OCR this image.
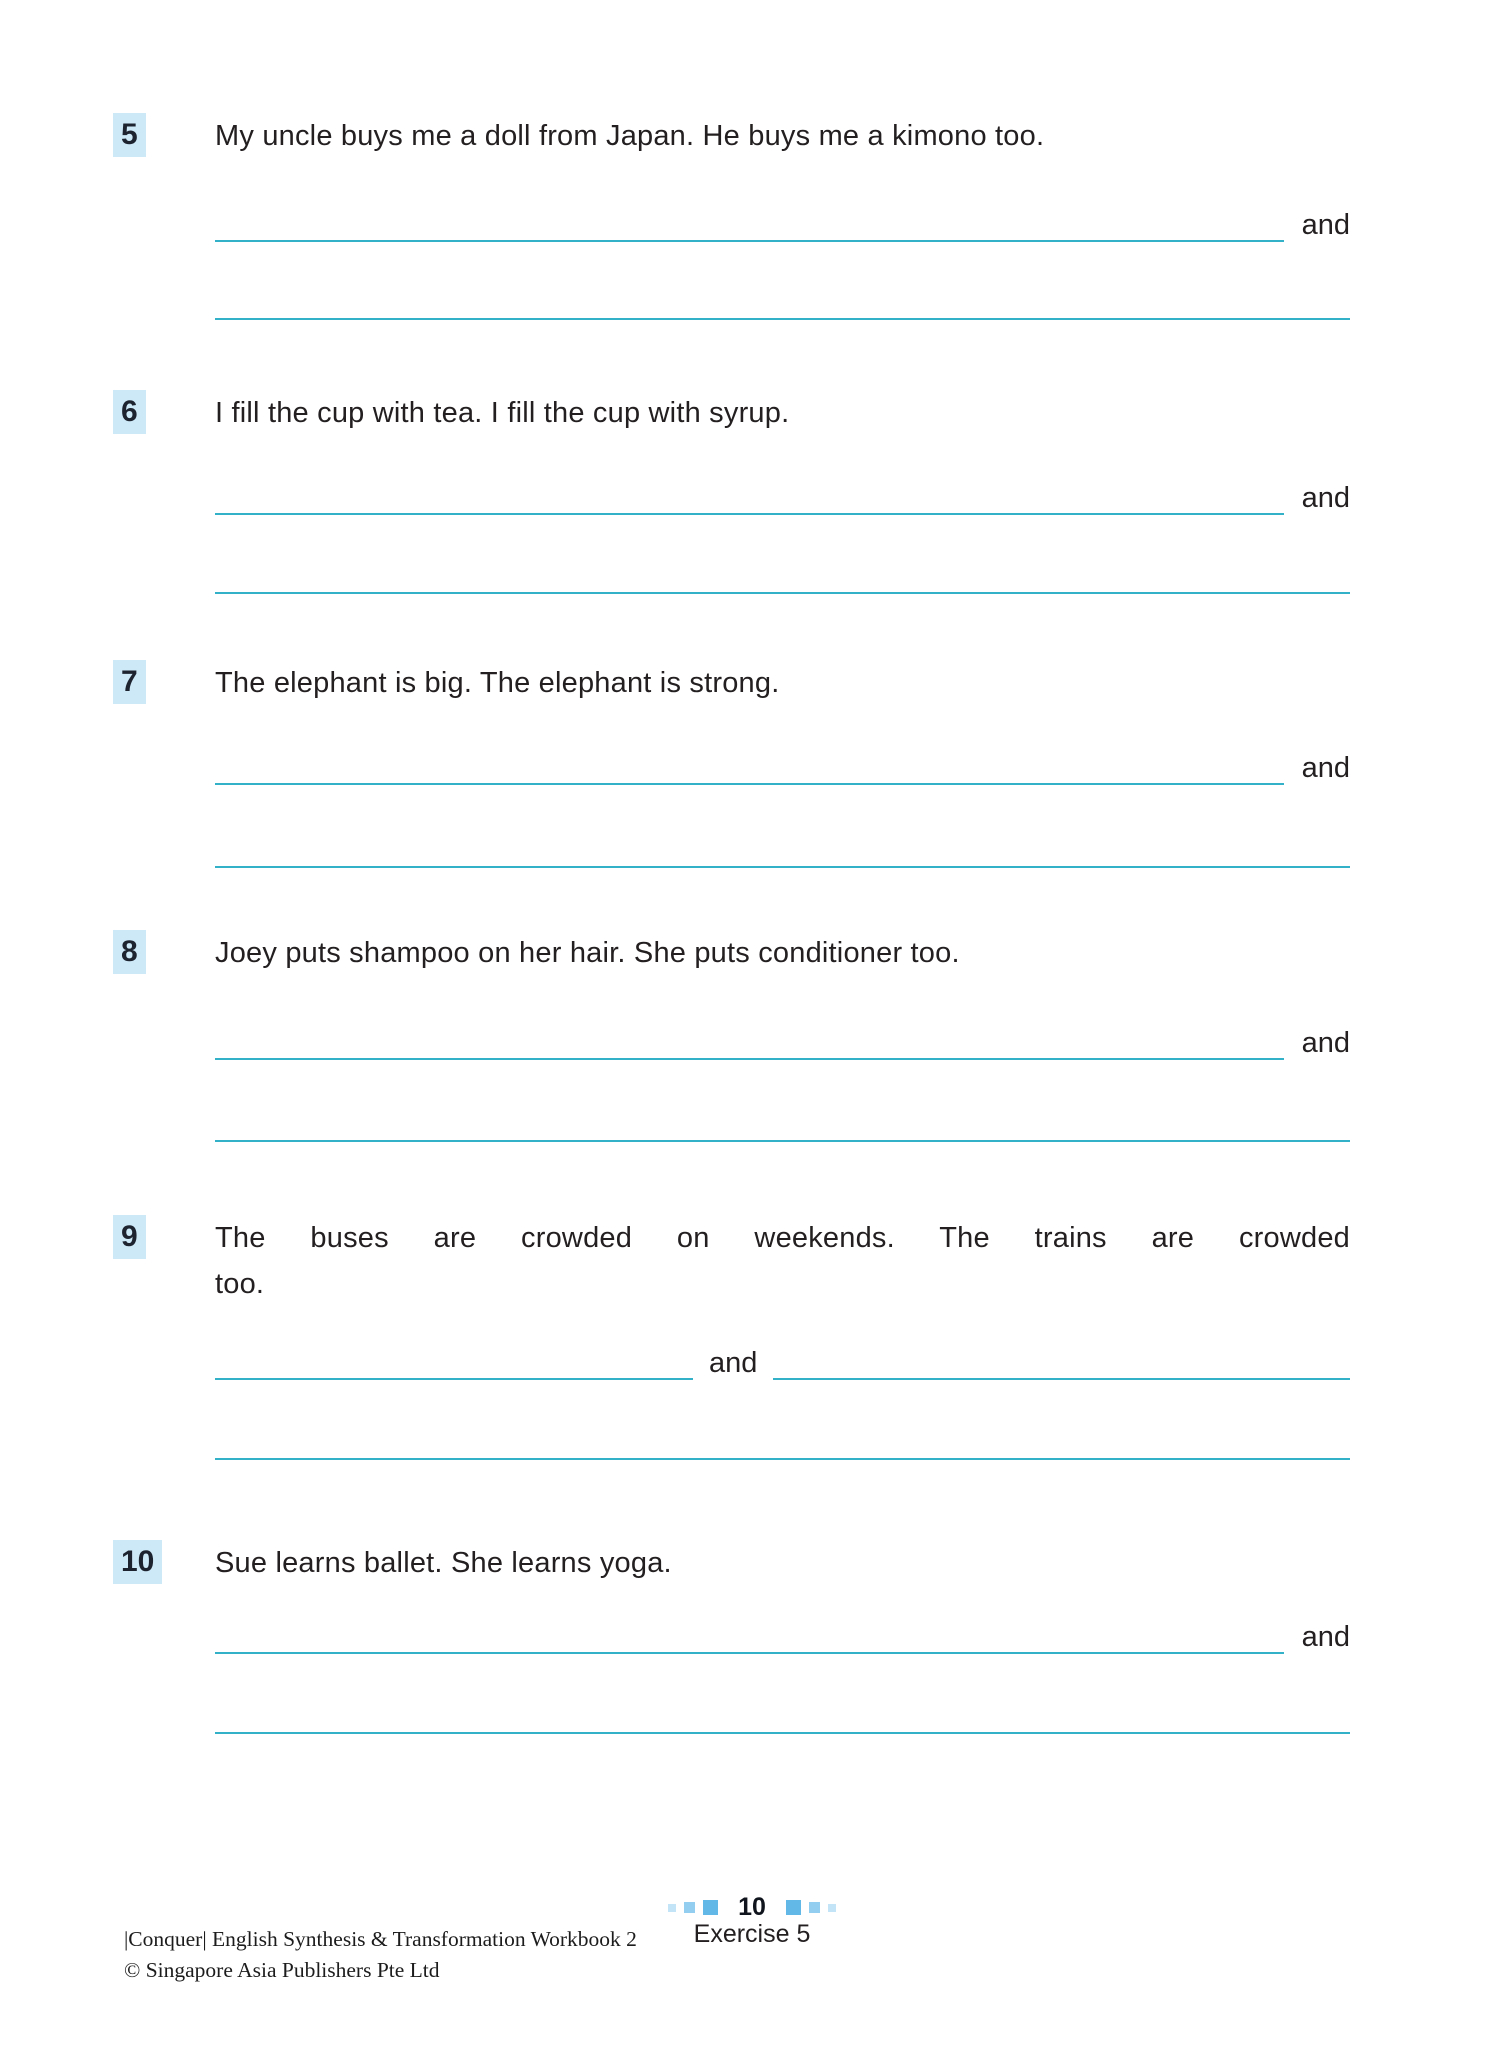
5	My uncle buys me a doll from Japan. He buys me a kimono too.
and
6	I fill the cup with tea. I fill the cup with syrup.
and
7	The elephant is big. The elephant is strong.
and
8	Joey puts shampoo on her hair. She puts conditioner too.
and
9	The buses are crowded on weekends. The trains are crowded
too.
and
10 Sue learns ballet. She learns yoga.
and
10
Exercise 5
|Conquer| English Synthesis & Transformation Workbook 2
© Singapore Asia Publishers Pte Ltd
